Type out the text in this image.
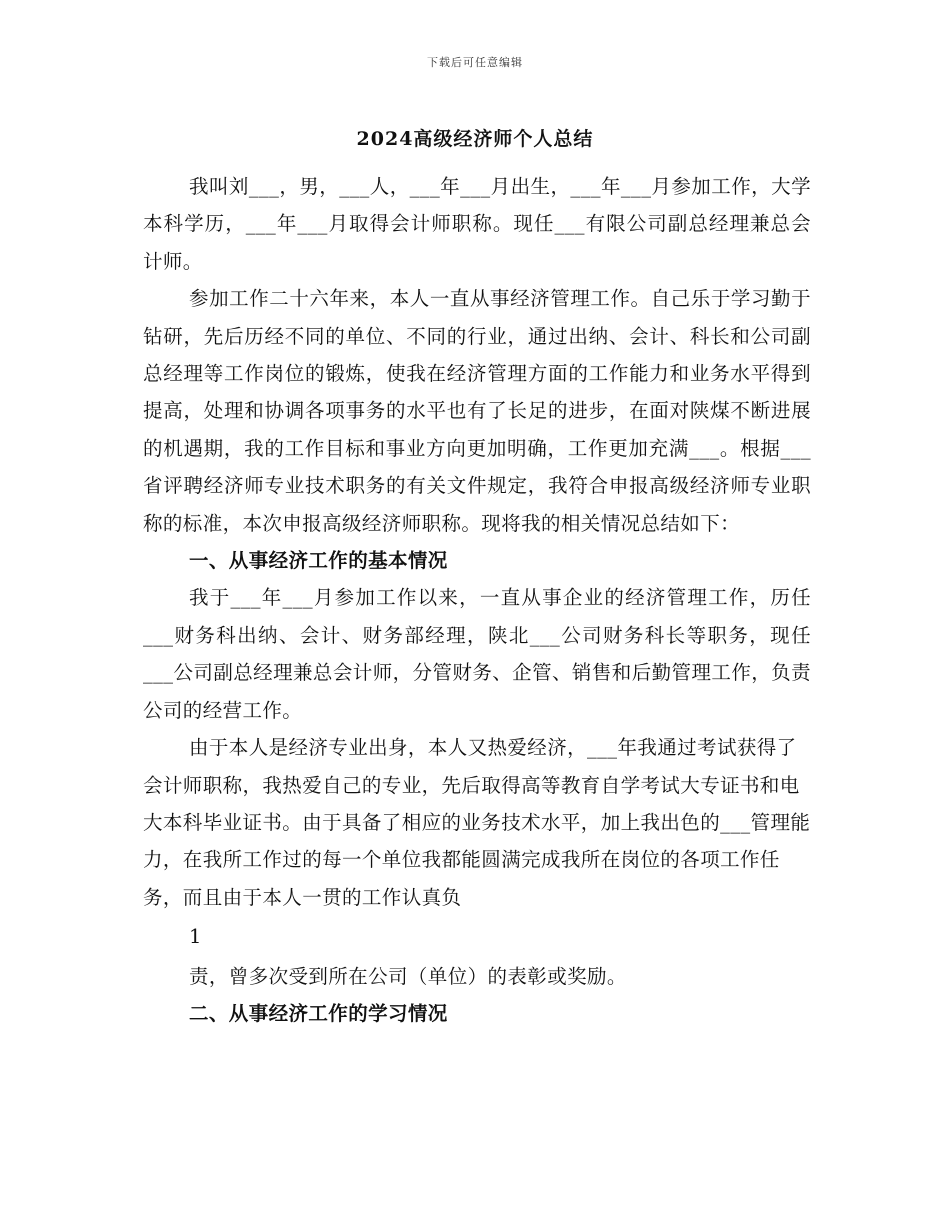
下载后可任意编辑
2024高级经济师个人总结

我叫刘___，男，___人，___年___月出生，___年___月参加工作，大学本科学历，___年___月取得会计师职称。现任___有限公司副总经理兼总会计师。

参加工作二十六年来，本人一直从事经济管理工作。自己乐于学习勤于钻研，先后历经不同的单位、不同的行业，通过出纳、会计、科长和公司副总经理等工作岗位的锻炼，使我在经济管理方面的工作能力和业务水平得到提高，处理和协调各项事务的水平也有了长足的进步，在面对陕煤不断进展的机遇期，我的工作目标和事业方向更加明确，工作更加充满___。根据___省评聘经济师专业技术职务的有关文件规定，我符合申报高级经济师专业职称的标准，本次申报高级经济师职称。现将我的相关情况总结如下：

一、从事经济工作的基本情况

我于___年___月参加工作以来，一直从事企业的经济管理工作，历任___财务科出纳、会计、财务部经理，陕北___公司财务科长等职务，现任___公司副总经理兼总会计师，分管财务、企管、销售和后勤管理工作，负责公司的经营工作。

由于本人是经济专业出身，本人又热爱经济，___年我通过考试获得了会计师职称，我热爱自己的专业，先后取得高等教育自学考试大专证书和电大本科毕业证书。由于具备了相应的业务技术水平，加上我出色的___管理能力，在我所工作过的每一个单位我都能圆满完成我所在岗位的各项工作任务，而且由于本人一贯的工作认真负

1

责，曾多次受到所在公司（单位）的表彰或奖励。

二、从事经济工作的学习情况
